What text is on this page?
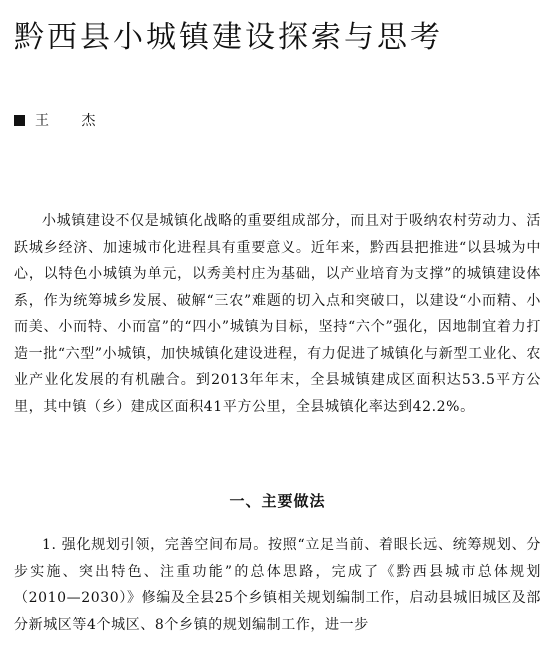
黔西县小城镇建设探索与思考
王 杰

小城镇建设不仅是城镇化战略的重要组成部分，而且对于吸纳农村劳动力、活跃城乡经济、加速城市化进程具有重要意义。近年来，黔西县把推进“以县城为中心，以特色小城镇为单元，以秀美村庄为基础，以产业培育为支撑”的城镇建设体系，作为统筹城乡发展、破解“三农”难题的切入点和突破口，以建设“小而精、小而美、小而特、小而富”的“四小”城镇为目标，坚持“六个”强化，因地制宜着力打造一批“六型”小城镇，加快城镇化建设进程，有力促进了城镇化与新型工业化、农业产业化发展的有机融合。到2013年年末，全县城镇建成区面积达53.5平方公里，其中镇（乡）建成区面积41平方公里，全县城镇化率达到42.2%。

一、主要做法

1. 强化规划引领，完善空间布局。按照“立足当前、着眼长远、统筹规划、分步实施、突出特色、注重功能”的总体思路，完成了《黔西县城市总体规划（2010—2030）》修编及全县25个乡镇相关规划编制工作，启动县城旧城区及部分新城区等4个城区、8个乡镇的规划编制工作，进一步
